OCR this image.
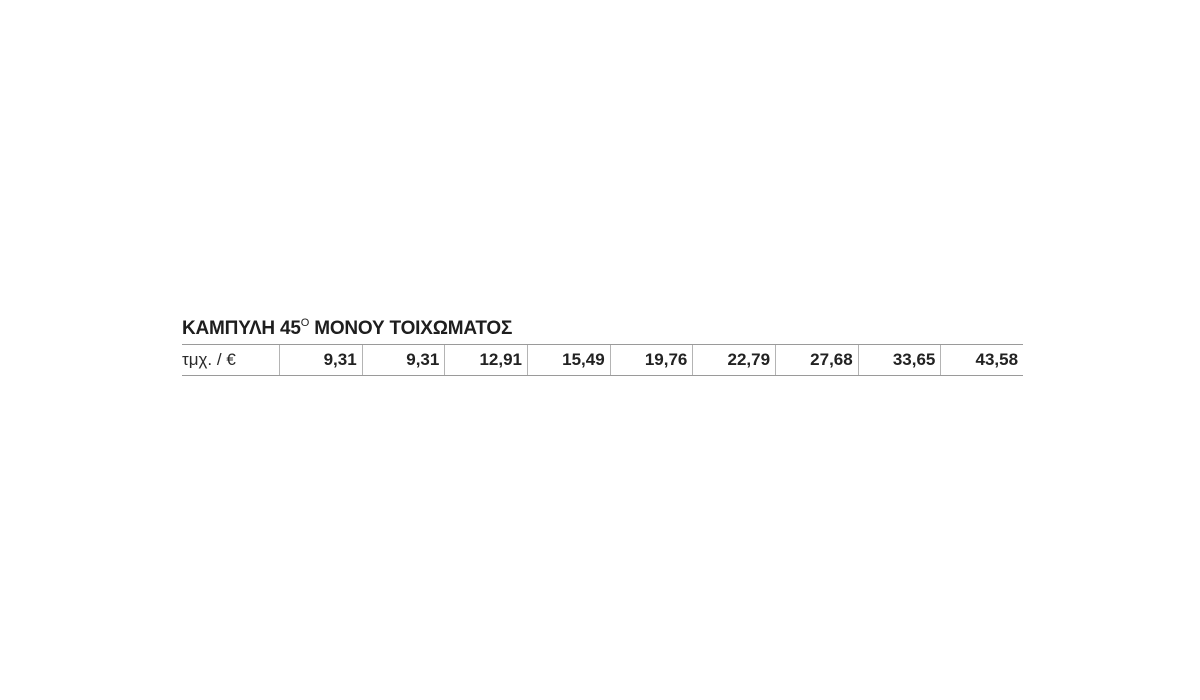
ΚΑΜΠΥΛΗ $45^O$ ΜΟΝΟΥ ΤΟΙΧΩΜΑΤΟΣ
τμχ. / €	9,31	9,31	12,91	15,49	19,76	22,79	27,68	33,65	43,58
